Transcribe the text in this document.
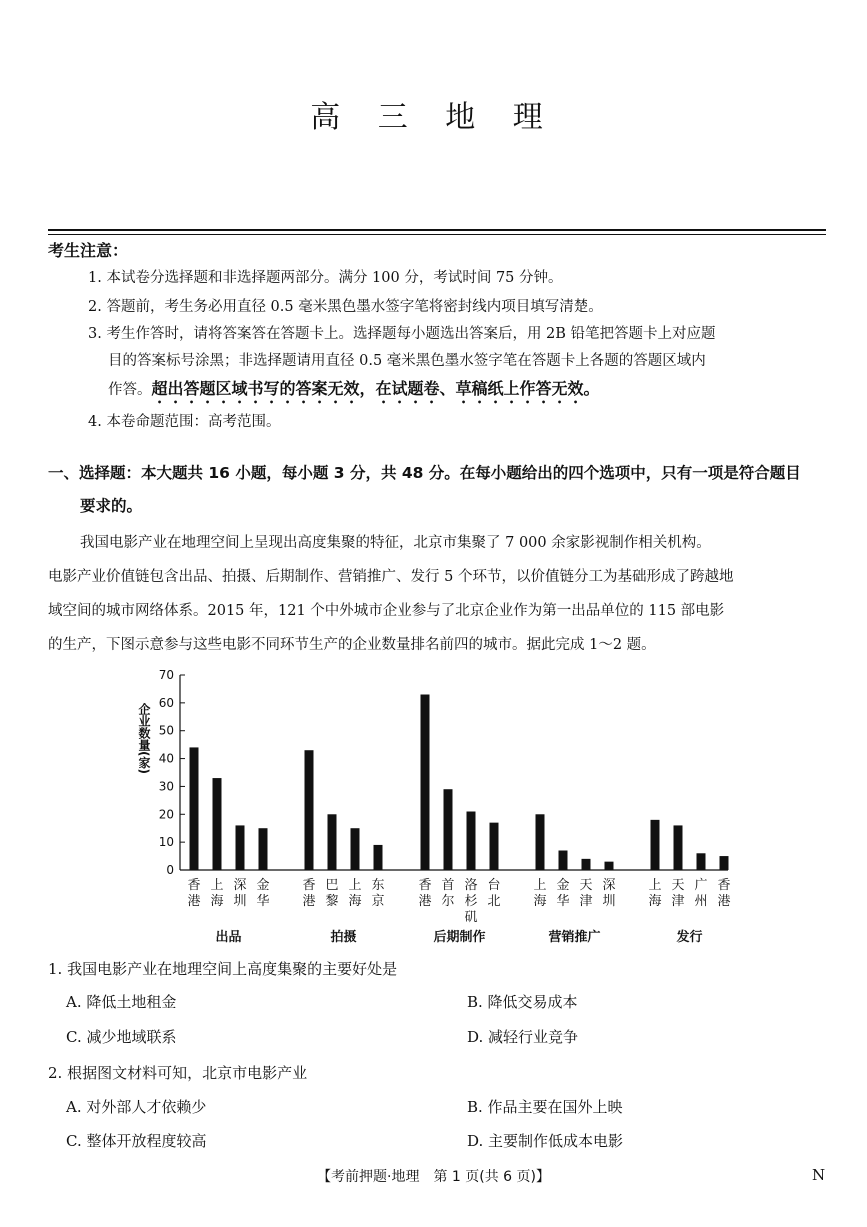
高 三 地 理
考生注意：
1. 本试卷分选择题和非选择题两部分。满分 100 分，考试时间 75 分钟。
2. 答题前，考生务必用直径 0.5 毫米黑色墨水签字笔将密封线内项目填写清楚。
3. 考生作答时，请将答案答在答题卡上。选择题每小题选出答案后，用 2B 铅笔把答题卡上对应题
目的答案标号涂黑；非选择题请用直径 0.5 毫米黑色墨水签字笔在答题卡上各题的答题区域内
作答。超出答题区域书写的答案无效，在试题卷、草稿纸上作答无效。
4. 本卷命题范围：高考范围。
一、选择题：本大题共 16 小题，每小题 3 分，共 48 分。在每小题给出的四个选项中，只有一项是符合题目
要求的。
我国电影产业在地理空间上呈现出高度集聚的特征，北京市集聚了 7 000 余家影视制作相关机构。
电影产业价值链包含出品、拍摄、后期制作、营销推广、发行 5 个环节，以价值链分工为基础形成了跨越地
域空间的城市网络体系。2015 年，121 个中外城市企业参与了北京企业作为第一出品单位的 115 部电影
的生产，下图示意参与这些电影不同环节生产的企业数量排名前四的城市。据此完成 1～2 题。
0
10
20
30
40
50
60
70
企业数量(家)
香
港
上
海
深
圳
金
华
出品
香
港
巴
黎
上
海
东
京
拍摄
香
港
首
尔
洛
杉
矶
台
北
后期制作
上
海
金
华
天
津
深
圳
营销推广
上
海
天
津
广
州
香
港
发行
1. 我国电影产业在地理空间上高度集聚的主要好处是
A. 降低土地租金	B. 降低交易成本
C. 减少地域联系	D. 减轻行业竞争
2. 根据图文材料可知，北京市电影产业
A. 对外部人才依赖少	B. 作品主要在国外上映
C. 整体开放程度较高	D. 主要制作低成本电影
【考前押题·地理　第 1 页(共 6 页)】	N
